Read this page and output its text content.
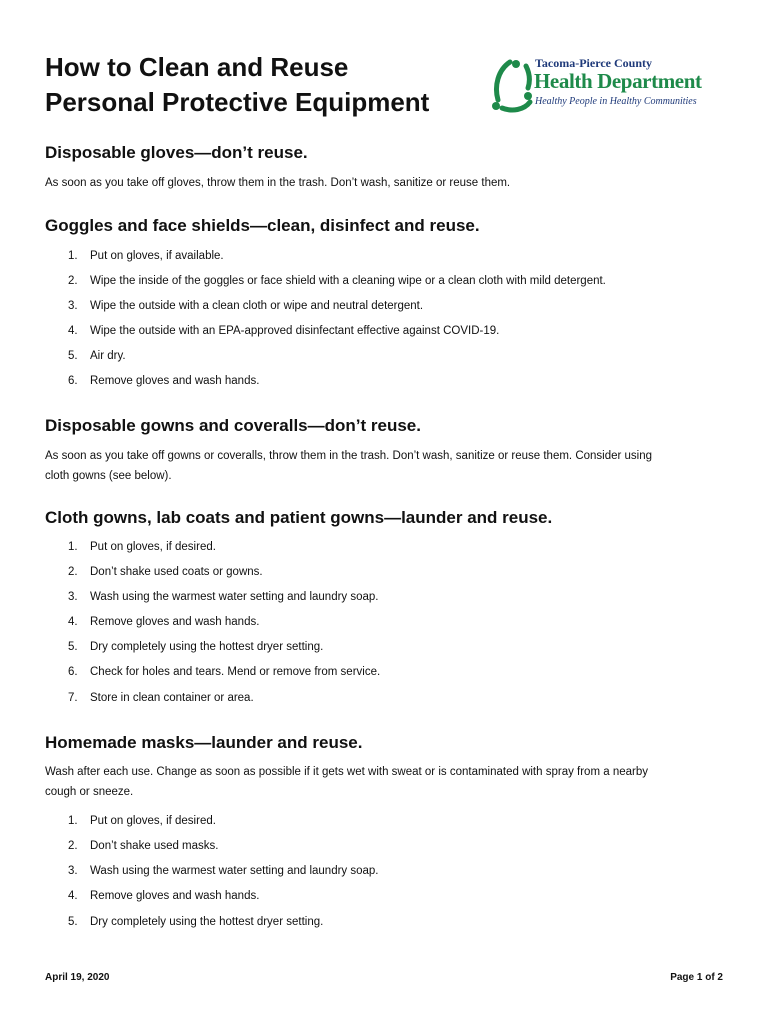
How to Clean and Reuse
Personal Protective Equipment
Tacoma-Pierce County
Health Department
Healthy People in Healthy Communities
Disposable gloves—don’t reuse.
As soon as you take off gloves, throw them in the trash. Don’t wash, sanitize or reuse them.
Goggles and face shields—clean, disinfect and reuse.
1. Put on gloves, if available.
2. Wipe the inside of the goggles or face shield with a cleaning wipe or a clean cloth with mild detergent.
3. Wipe the outside with a clean cloth or wipe and neutral detergent.
4. Wipe the outside with an EPA-approved disinfectant effective against COVID-19.
5. Air dry.
6. Remove gloves and wash hands.
Disposable gowns and coveralls—don’t reuse.
As soon as you take off gowns or coveralls, throw them in the trash. Don’t wash, sanitize or reuse them. Consider using
cloth gowns (see below).
Cloth gowns, lab coats and patient gowns—launder and reuse.
1. Put on gloves, if desired.
2. Don’t shake used coats or gowns.
3. Wash using the warmest water setting and laundry soap.
4. Remove gloves and wash hands.
5. Dry completely using the hottest dryer setting.
6. Check for holes and tears. Mend or remove from service.
7. Store in clean container or area.
Homemade masks—launder and reuse.
Wash after each use. Change as soon as possible if it gets wet with sweat or is contaminated with spray from a nearby
cough or sneeze.
1. Put on gloves, if desired.
2. Don’t shake used masks.
3. Wash using the warmest water setting and laundry soap.
4. Remove gloves and wash hands.
5. Dry completely using the hottest dryer setting.
April 19, 2020	Page 1 of 2
